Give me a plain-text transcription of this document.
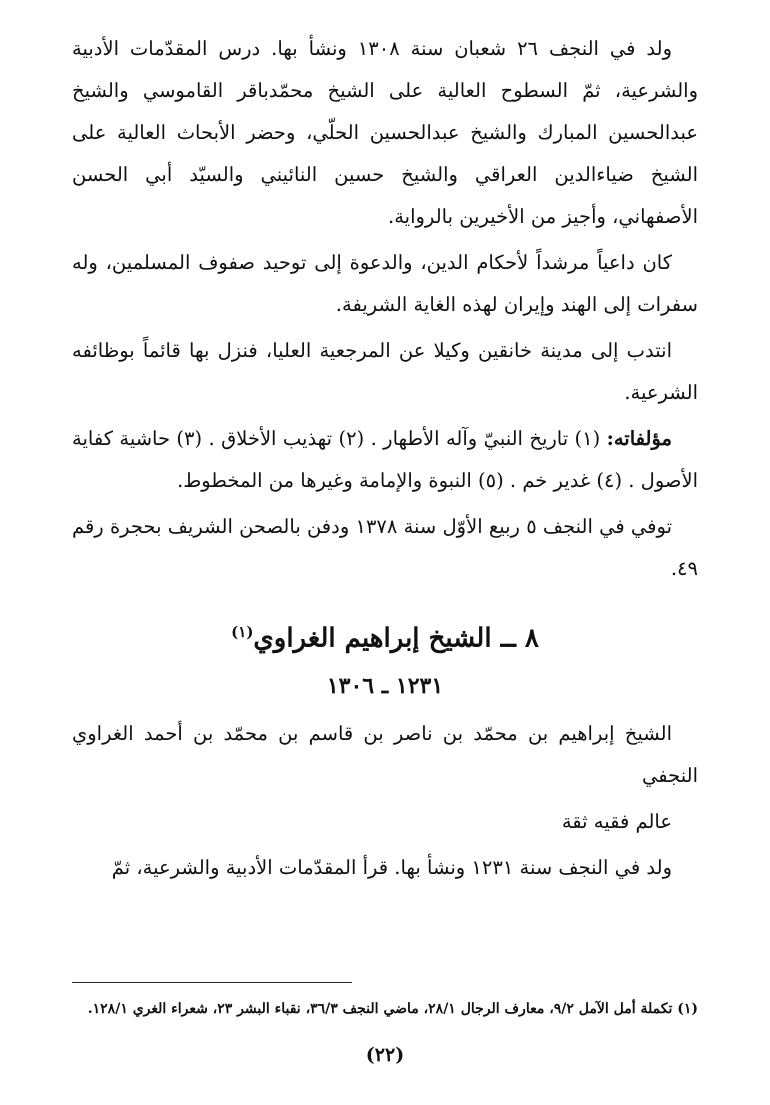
ولد في النجف ٢٦ شعبان سنة ١٣٠٨ ونشأ بها. درس المقدّمات الأدبية والشرعية، ثمّ السطوح العالية على الشيخ محمّدباقر القاموسي والشيخ عبدالحسين المبارك والشيخ عبدالحسين الحلّي، وحضر الأبحاث العالية على الشيخ ضياءالدين العراقي والشيخ حسين النائيني والسيّد أبي الحسن الأصفهاني، وأجيز من الأخيرين بالرواية.

كان داعياً مرشداً لأحكام الدين، والدعوة إلى توحيد صفوف المسلمين، وله سفرات إلى الهند وإيران لهذه الغاية الشريفة.

انتدب إلى مدينة خانقين وكيلا عن المرجعية العليا، فنزل بها قائماً بوظائفه الشرعية.

مؤلفاته: (١) تاريخ النبيّ وآله الأطهار . (٢) تهذيب الأخلاق . (٣) حاشية كفاية الأصول . (٤) غدير خم . (٥) النبوة والإمامة وغيرها من المخطوط.

توفي في النجف ٥ ربيع الأوّل سنة ١٣٧٨ ودفن بالصحن الشريف بحجرة رقم ٤٩.

٨ ــ الشيخ إبراهيم الغراوي$^{(١)}$
١٢٣١ ـ ١٣٠٦

الشيخ إبراهيم بن محمّد بن ناصر بن قاسم بن محمّد بن أحمد الغراوي النجفي

عالم فقيه ثقة

ولد في النجف سنة ١٢٣١ ونشأ بها. قرأ المقدّمات الأدبية والشرعية، ثمّ

(١) تكملة أمل الآمل ٩/٢، معارف الرجال ٢٨/١، ماضي النجف ٣٦/٣، نقباء البشر ٢٣، شعراء الغري ١٢٨/١.
(٢٢)
